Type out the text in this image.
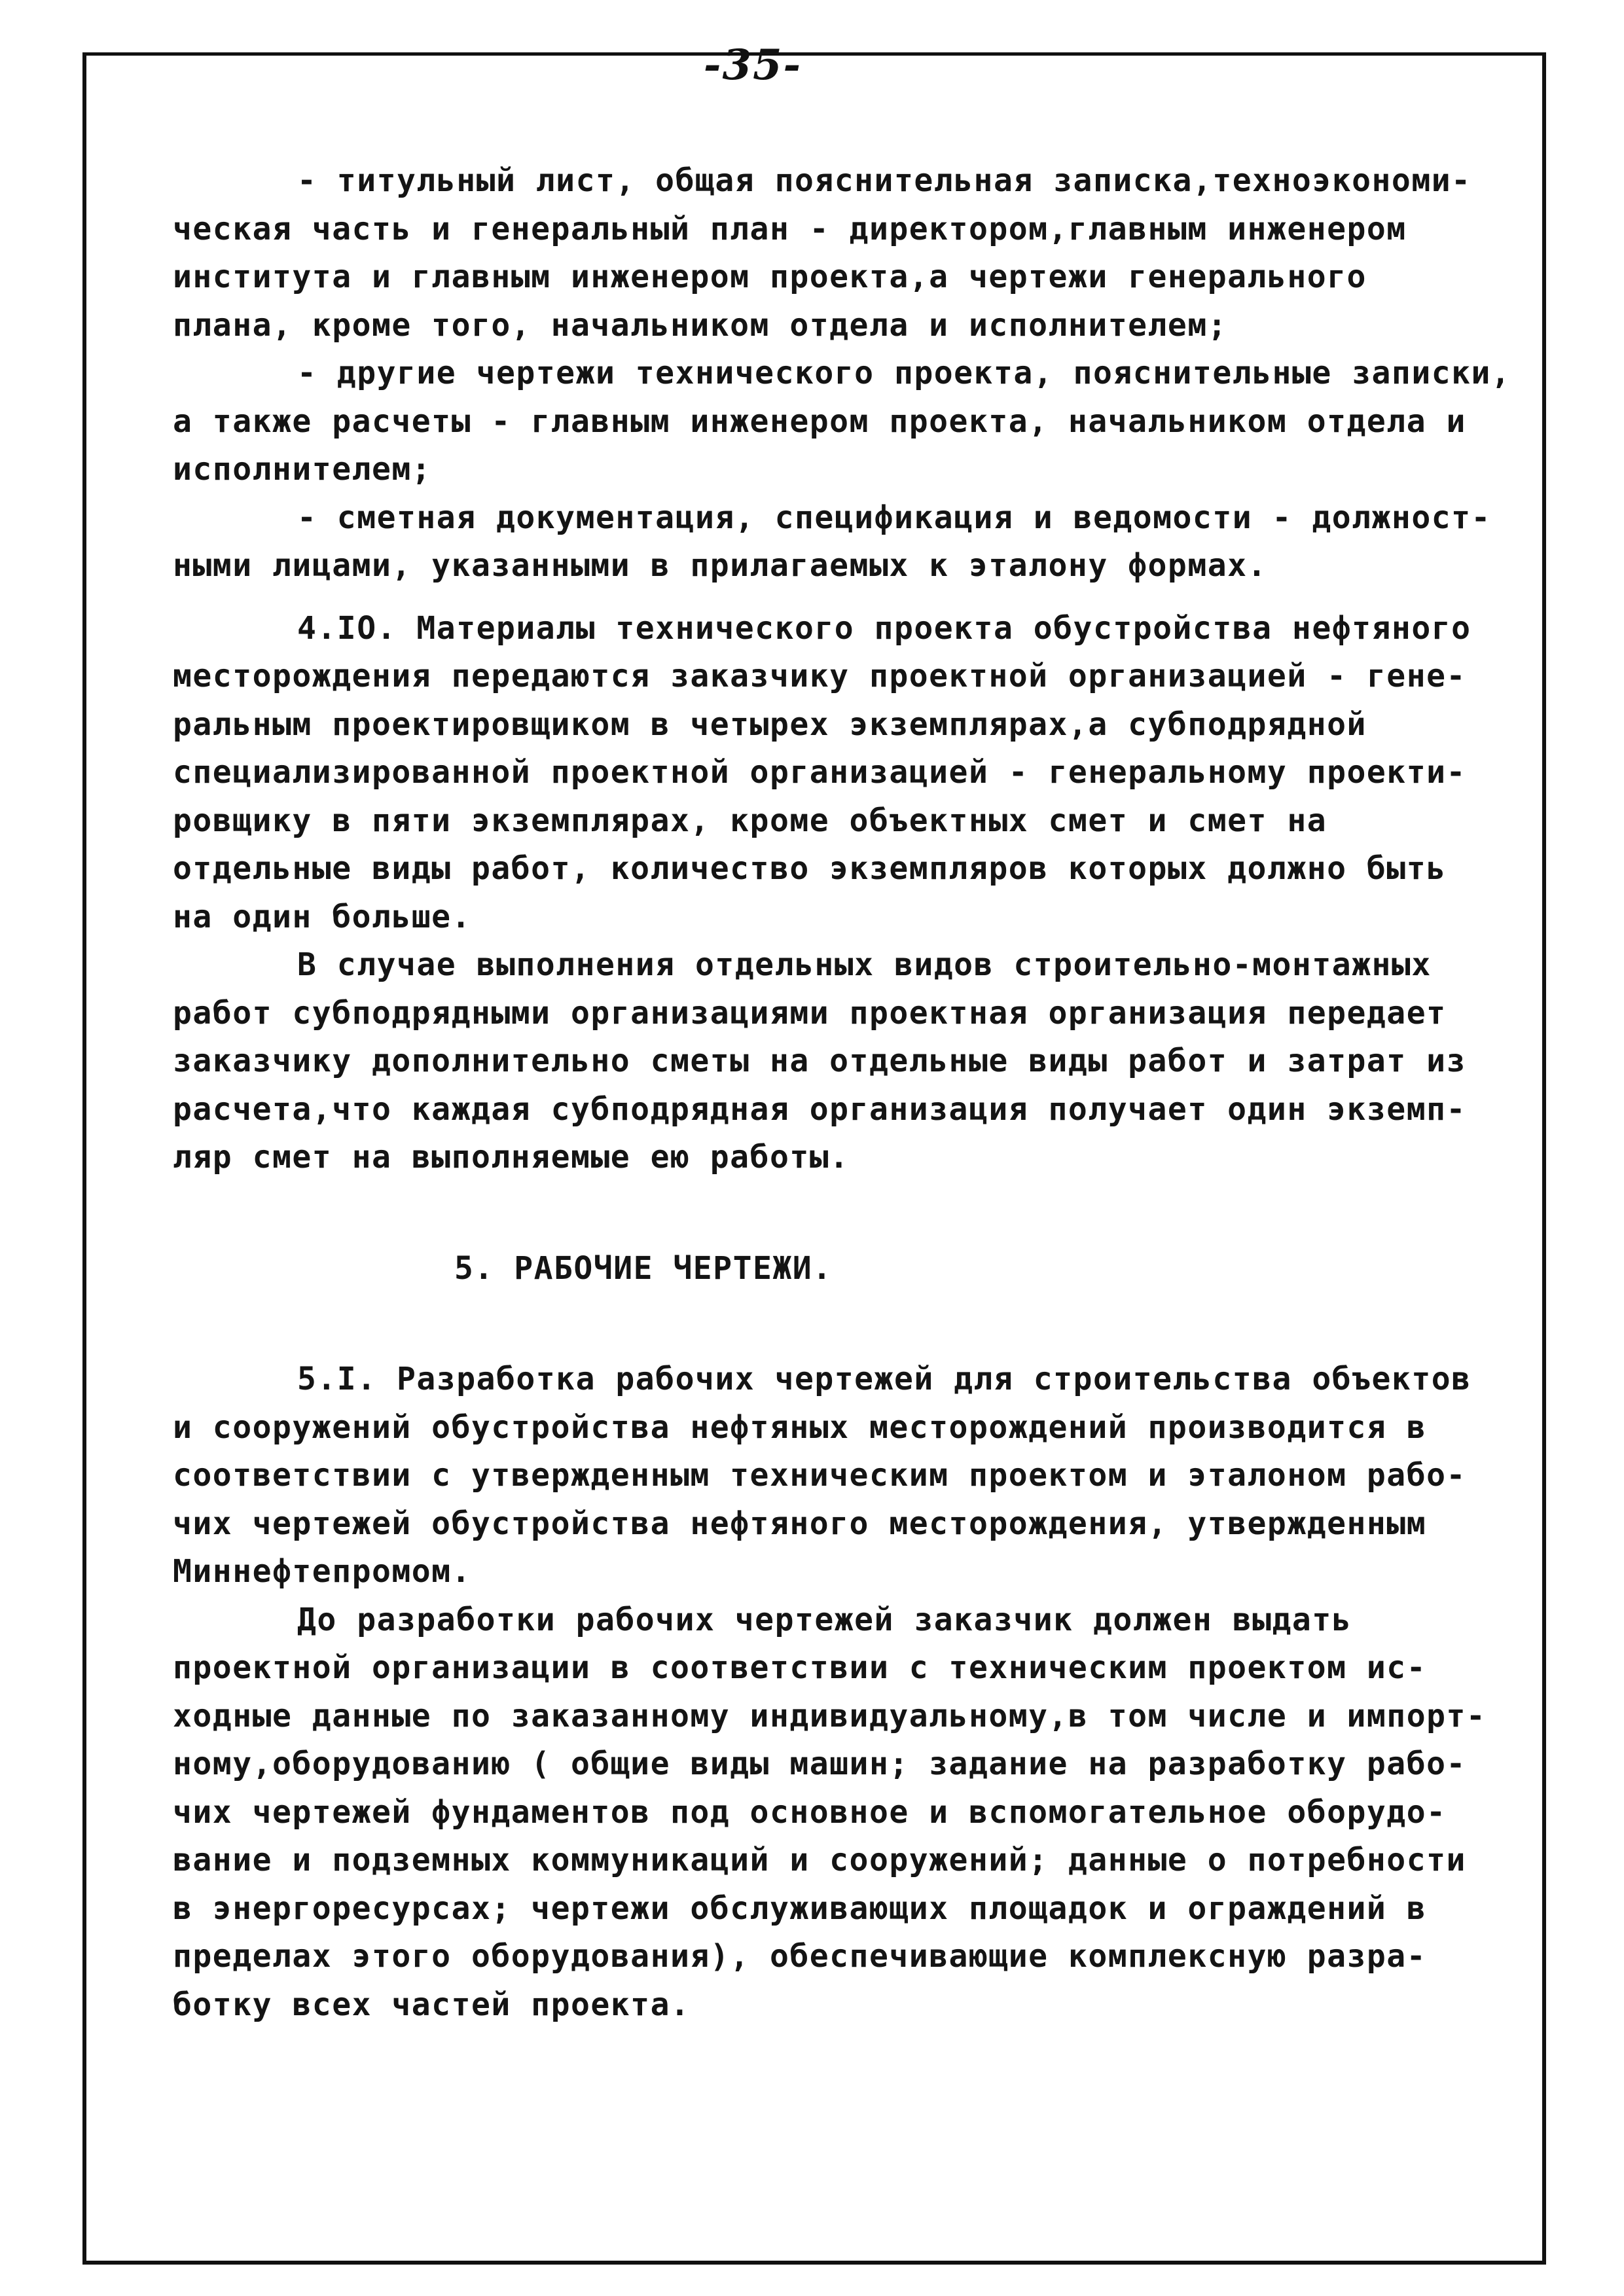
-35-
- титульный лист, общая пояснительная записка,техноэкономи-
ческая часть и генеральный план - директором,главным инженером
института и главным инженером проекта,а чертежи генерального
плана, кроме того, начальником отдела и исполнителем;
- другие чертежи технического проекта, пояснительные записки,
а также расчеты - главным инженером проекта, начальником отдела и
исполнителем;
- сметная документация, спецификация и ведомости - должност-
ными лицами, указанными в прилагаемых к эталону формах.
4.IO. Материалы технического проекта обустройства нефтяного
месторождения передаются заказчику проектной организацией - гене-
ральным проектировщиком в четырех экземплярах,а субподрядной
специализированной проектной организацией - генеральному проекти-
ровщику в пяти экземплярах, кроме объектных смет и смет на
отдельные виды работ, количество экземпляров которых должно быть
на один больше.
В случае выполнения отдельных видов строительно-монтажных
работ субподрядными организациями проектная организация передает
заказчику дополнительно сметы на отдельные виды работ и затрат из
расчета,что каждая субподрядная организация получает один экземп-
ляр смет на выполняемые ею работы.
5. РАБОЧИЕ ЧЕРТЕЖИ.
5.I. Разработка рабочих чертежей для строительства объектов
и сооружений обустройства нефтяных месторождений производится в
соответствии с утвержденным техническим проектом и эталоном рабо-
чих чертежей обустройства нефтяного месторождения, утвержденным
Миннефтепромом.
До разработки рабочих чертежей заказчик должен выдать
проектной организации в соответствии с техническим проектом ис-
ходные данные по заказанному индивидуальному,в том числе и импорт-
ному,оборудованию ( общие виды машин; задание на разработку рабо-
чих чертежей фундаментов под основное и вспомогательное оборудо-
вание и подземных коммуникаций и сооружений; данные о потребности
в энергоресурсах; чертежи обслуживающих площадок и ограждений в
пределах этого оборудования), обеспечивающие комплексную разра-
ботку всех частей проекта.
